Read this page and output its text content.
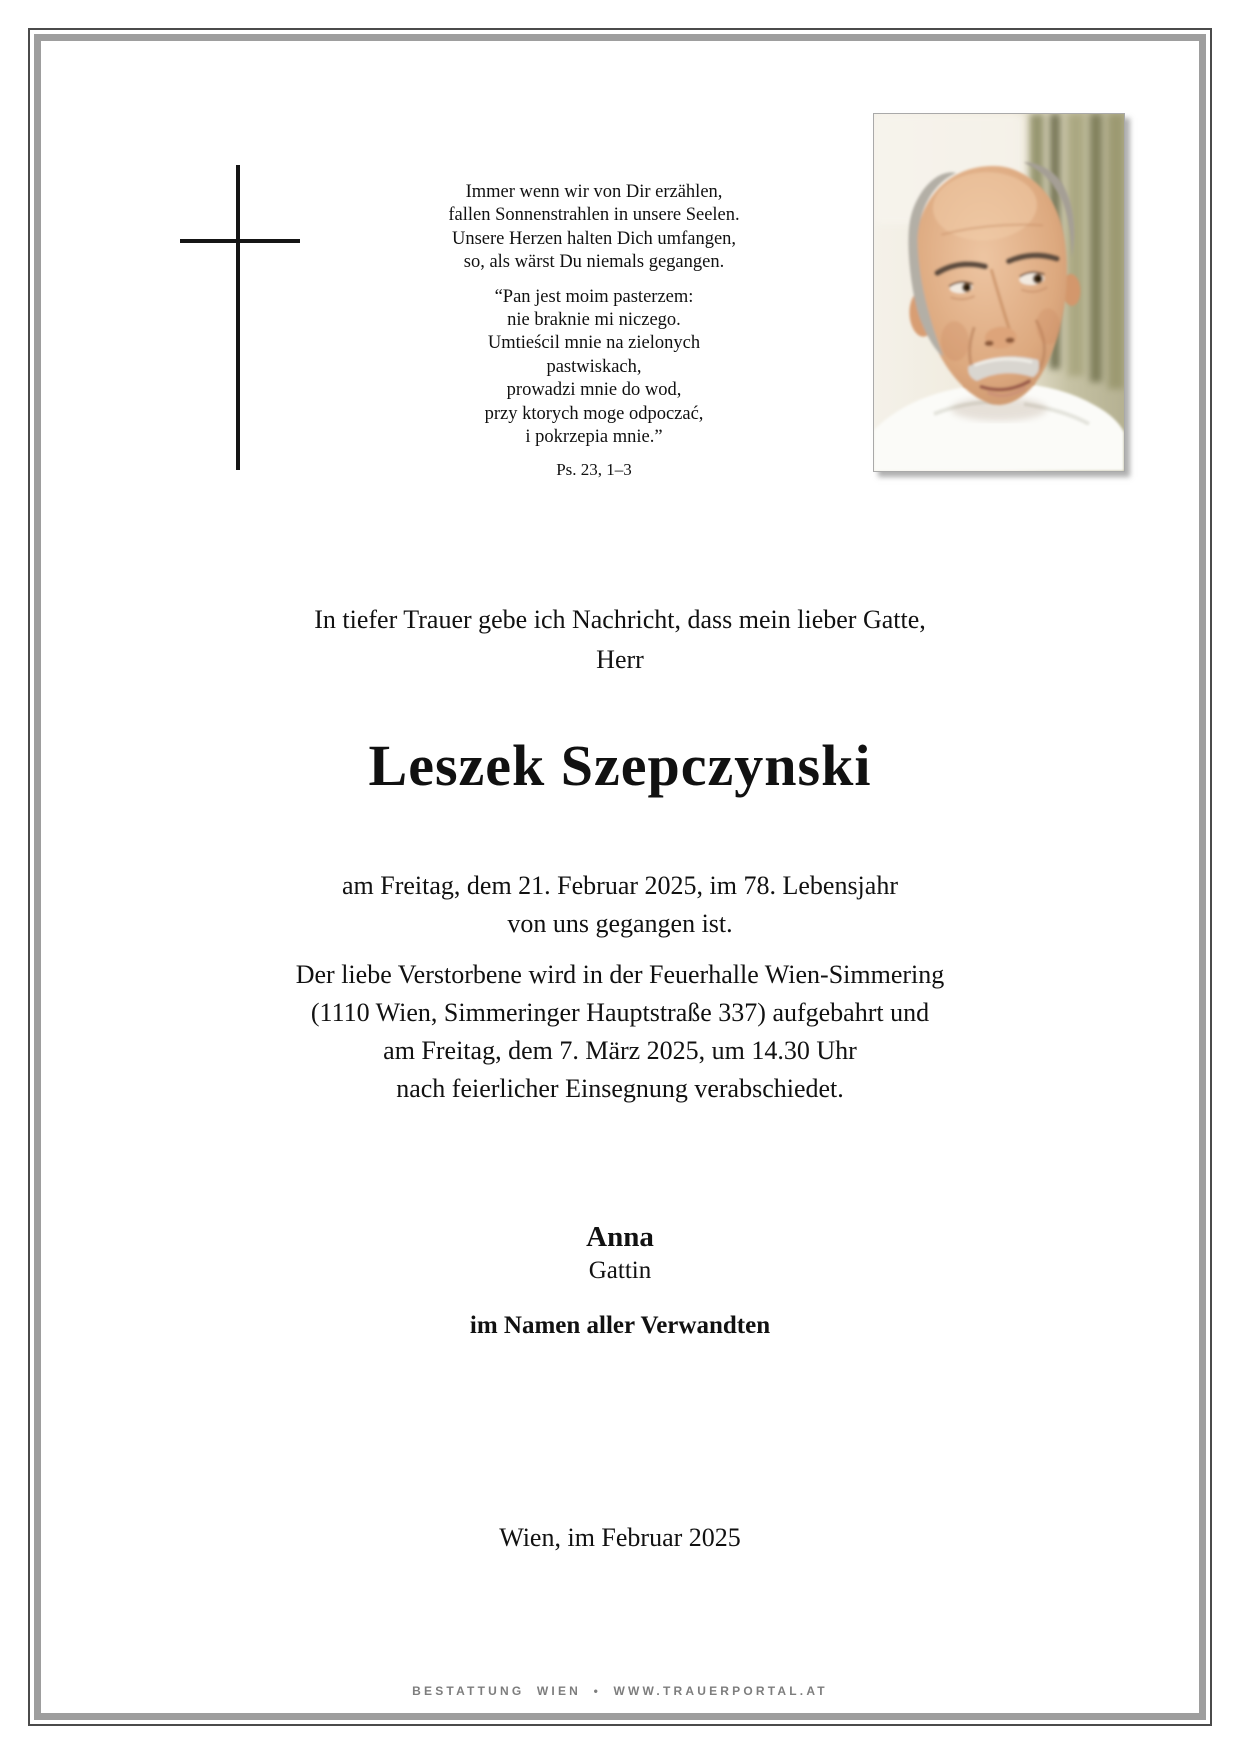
Immer wenn wir von Dir erzählen,
fallen Sonnenstrahlen in unsere Seelen.
Unsere Herzen halten Dich umfangen,
so, als wärst Du niemals gegangen.
“Pan jest moim pasterzem:
nie braknie mi niczego.
Umtieścil mnie na zielonych
pastwiskach,
prowadzi mnie do wod,
przy ktorych moge odpoczać,
i pokrzepia mnie.”
Ps. 23, 1–3
In tiefer Trauer gebe ich Nachricht, dass mein lieber Gatte,
Herr
Leszek Szepczynski
am Freitag, dem 21. Februar 2025, im 78. Lebensjahr
von uns gegangen ist.
Der liebe Verstorbene wird in der Feuerhalle Wien-Simmering
(1110 Wien, Simmeringer Hauptstraße 337) aufgebahrt und
am Freitag, dem 7. März 2025, um 14.30 Uhr
nach feierlicher Einsegnung verabschiedet.
Anna
Gattin
im Namen aller Verwandten
Wien, im Februar 2025
BESTATTUNG WIEN • WWW.TRAUERPORTAL.AT
